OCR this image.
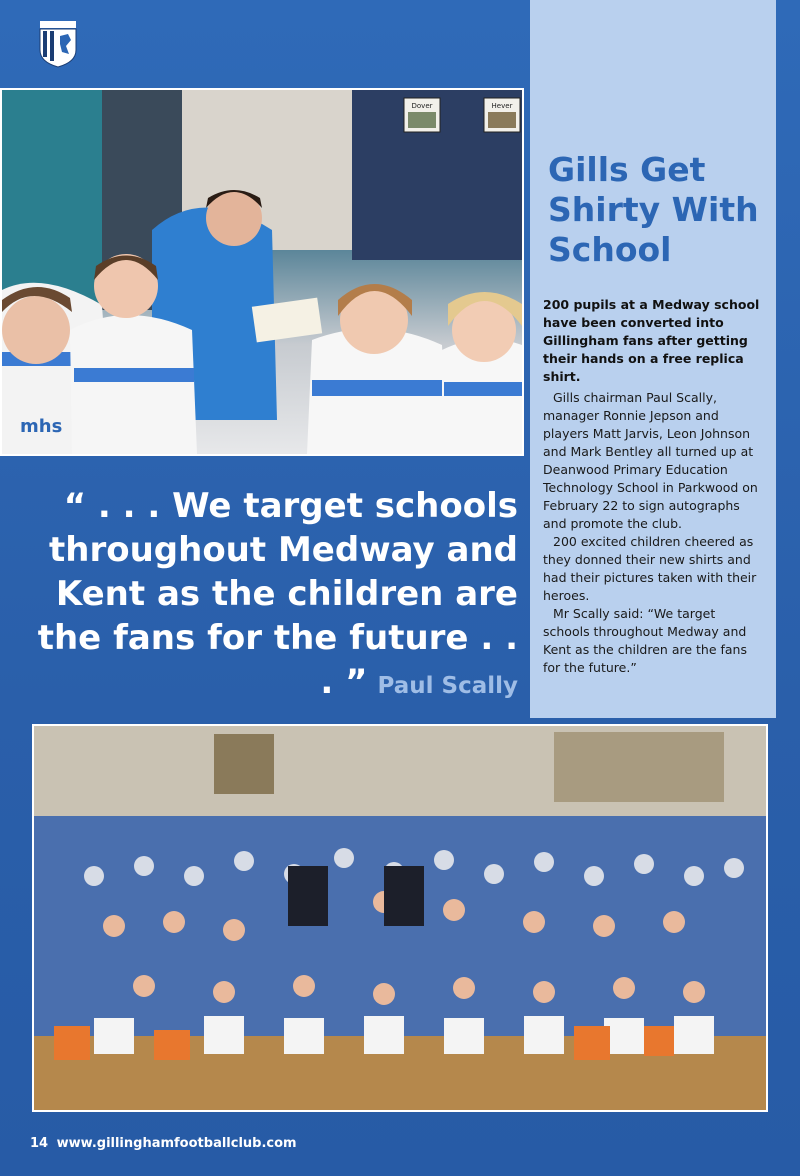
Dover	Hever
mhs
Gills Get Shirty With School

200 pupils at a Medway school have been converted into Gillingham fans after getting their hands on a free replica shirt.

Gills chairman Paul Scally, manager Ronnie Jepson and players Matt Jarvis, Leon Johnson and Mark Bentley all turned up at Deanwood Primary Education Technology School in Parkwood on February 22 to sign autographs and promote the club.

200 excited children cheered as they donned their new shirts and had their pictures taken with their heroes.

Mr Scally said: “We target schools throughout Medway and Kent as the children are the fans for the future.”

“ . . . We target schools throughout Medway and Kent as the children are the fans for the future . . . ” Paul Scally

14 www.gillinghamfootballclub.com
